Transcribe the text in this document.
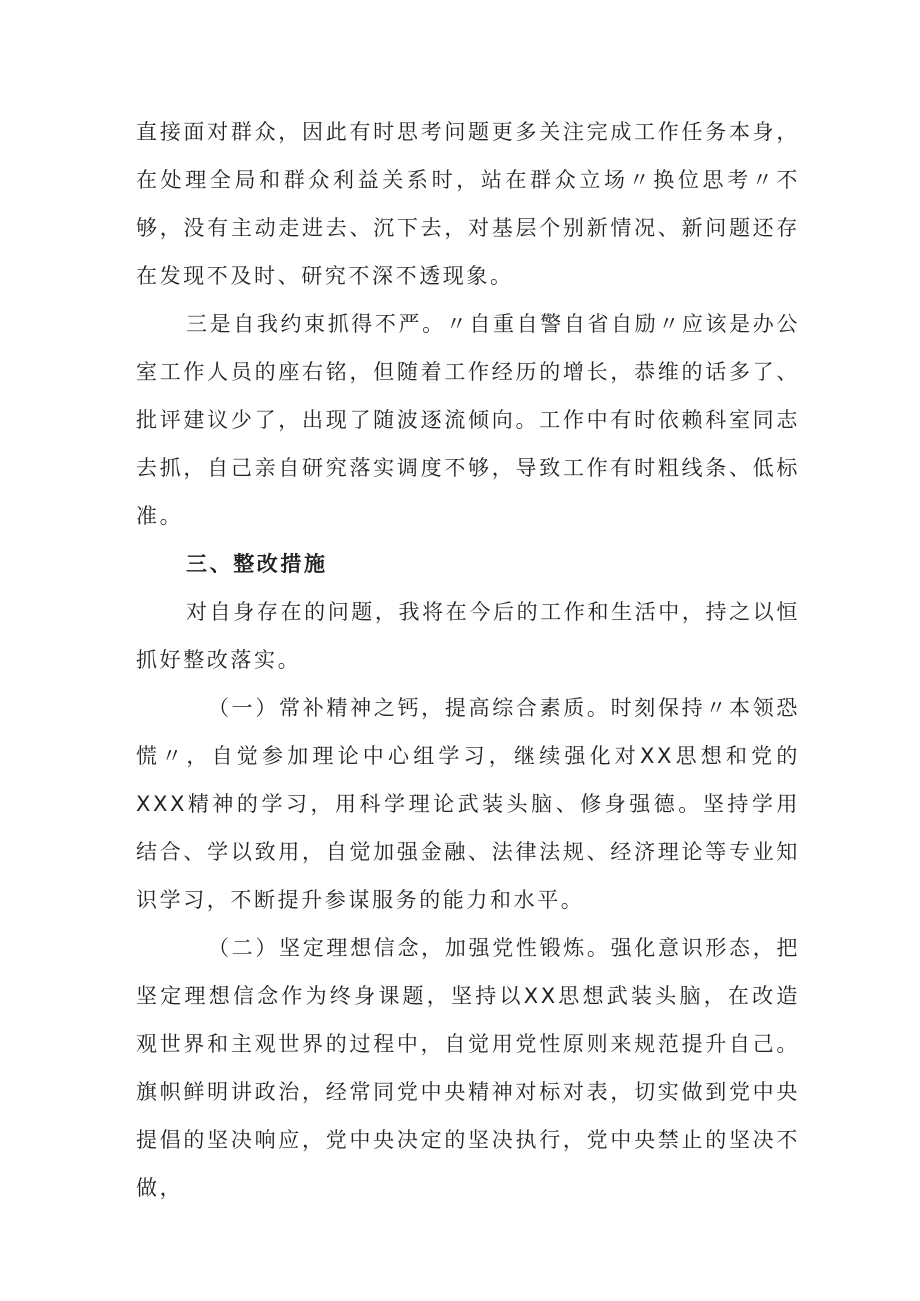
直接面对群众，因此有时思考问题更多关注完成工作任务本身，在处理全局和群众利益关系时，站在群众立场〃换位思考〃不够，没有主动走进去、沉下去，对基层个别新情况、新问题还存在发现不及时、研究不深不透现象。

三是自我约束抓得不严。〃自重自警自省自励〃应该是办公室工作人员的座右铭，但随着工作经历的增长，恭维的话多了、批评建议少了，出现了随波逐流倾向。工作中有时依赖科室同志去抓，自己亲自研究落实调度不够，导致工作有时粗线条、低标准。

三、整改措施

对自身存在的问题，我将在今后的工作和生活中，持之以恒抓好整改落实。

（一）常补精神之钙，提高综合素质。时刻保持〃本领恐慌〃，自觉参加理论中心组学习，继续强化对XX思想和党的XXX精神的学习，用科学理论武装头脑、修身强德。坚持学用结合、学以致用，自觉加强金融、法律法规、经济理论等专业知识学习，不断提升参谋服务的能力和水平。

（二）坚定理想信念，加强党性锻炼。强化意识形态，把坚定理想信念作为终身课题，坚持以XX思想武装头脑，在改造观世界和主观世界的过程中，自觉用党性原则来规范提升自己。旗帜鲜明讲政治，经常同党中央精神对标对表，切实做到党中央提倡的坚决响应，党中央决定的坚决执行，党中央禁止的坚决不做，
